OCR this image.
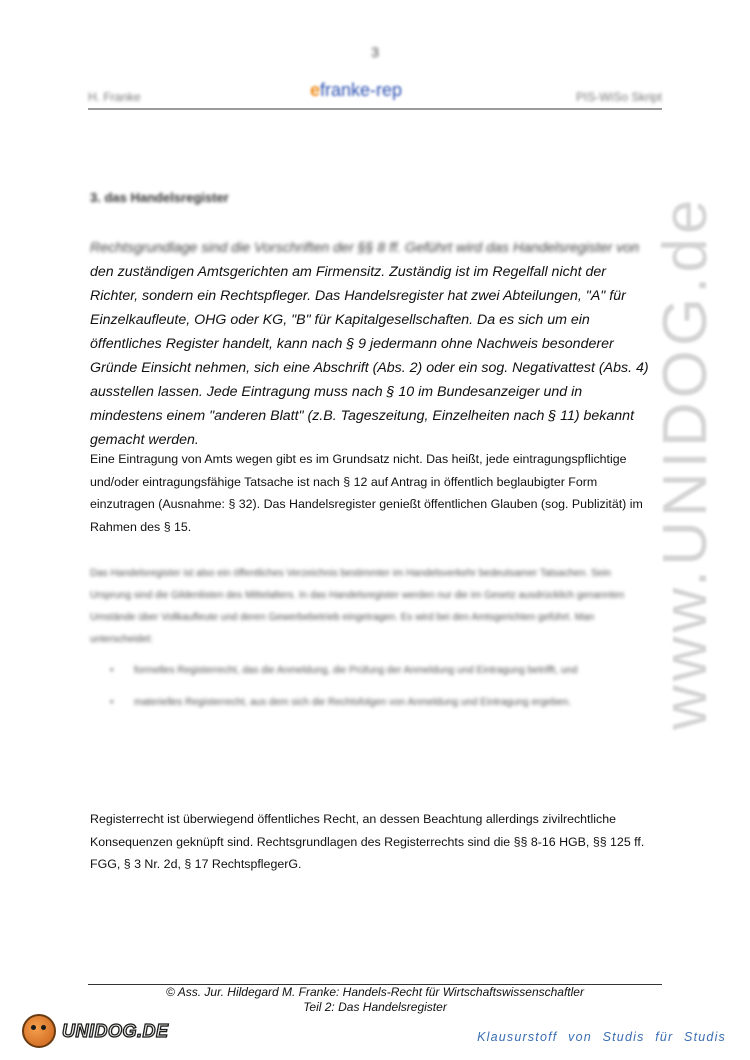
3
H. Franke	efranke-rep	PIS-WiSo Skript
www.UNIDOG.de
3. das Handelsregister

Rechtsgrundlage sind die Vorschriften der §§ 8 ff. Geführt wird das Handelsregister von
den zuständigen Amtsgerichten am Firmensitz. Zuständig ist im Regelfall nicht der Richter, sondern ein Rechtspfleger. Das Handelsregister hat zwei Abteilungen, "A" für Einzelkaufleute, OHG oder KG, "B" für Kapitalgesellschaften. Da es sich um ein öffentliches Register handelt, kann nach § 9 jedermann ohne Nachweis besonderer Gründe Einsicht nehmen, sich eine Abschrift (Abs. 2) oder ein sog. Negativattest (Abs. 4) ausstellen lassen. Jede Eintragung muss nach § 10 im Bundesanzeiger und in mindestens einem "anderen Blatt" (z.B. Tageszeitung, Einzelheiten nach § 11) bekannt gemacht werden.

Eine Eintragung von Amts wegen gibt es im Grundsatz nicht. Das heißt, jede eintragungspflichtige und/oder eintragungsfähige Tatsache ist nach § 12 auf Antrag in öffentlich beglaubigter Form einzutragen (Ausnahme: § 32). Das Handelsregister genießt öffentlichen Glauben (sog. Publizität) im Rahmen des § 15.

Das Handelsregister ist also ein öffentliches Verzeichnis bestimmter im Handelsverkehr bedeutsamer Tatsachen. Sein Ursprung sind die Gildenlisten des Mittelalters. In das Handelsregister werden nur die im Gesetz ausdrücklich genannten Umstände über Vollkaufleute und deren Gewerbebetrieb eingetragen. Es wird bei den Amtsgerichten geführt. Man unterscheidet:

• formelles Registerrecht, das die Anmeldung, die Prüfung der Anmeldung und Eintragung betrifft, und
• materielles Registerrecht, aus dem sich die Rechtsfolgen von Anmeldung und Eintragung ergeben.

Registerrecht ist überwiegend öffentliches Recht, an dessen Beachtung allerdings zivilrechtliche Konsequenzen geknüpft sind. Rechtsgrundlagen des Registerrechts sind die §§ 8-16 HGB, §§ 125 ff. FGG, § 3 Nr. 2d, § 17 RechtspflegerG.

© Ass. Jur. Hildegard M. Franke: Handels-Recht für Wirtschaftswissenschaftler
Teil 2: Das Handelsregister
UNIDOG.DE	Klausurstoff von Studis für Studis
